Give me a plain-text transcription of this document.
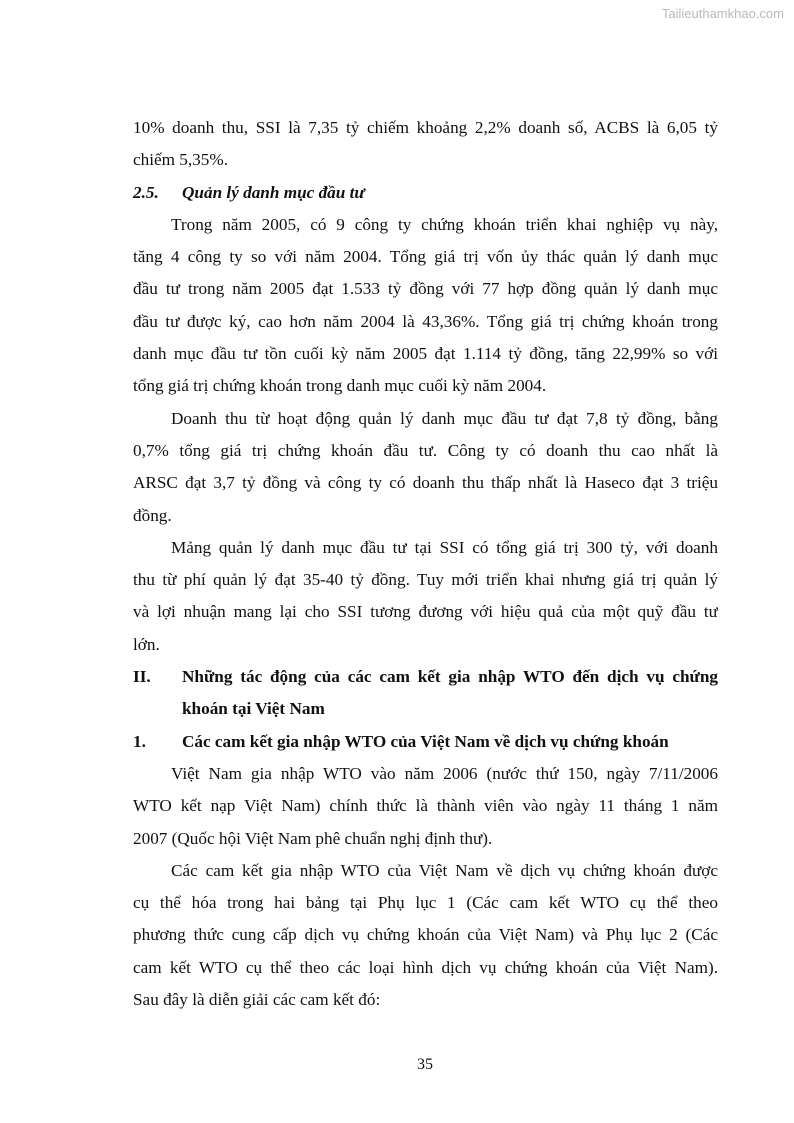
Tailieuthamkhao.com
10% doanh thu, SSI là 7,35 tỷ chiếm khoảng 2,2% doanh số, ACBS là 6,05 tỷ
chiếm 5,35%.
2.5.	Quản lý danh mục đầu tư
Trong năm 2005, có 9 công ty chứng khoán triển khai nghiệp vụ này,
tăng 4 công ty so với năm 2004. Tổng giá trị vốn ủy thác quản lý danh mục
đầu tư trong năm 2005 đạt 1.533 tỷ đồng với 77 hợp đồng quản lý danh mục
đầu tư được ký, cao hơn năm 2004 là 43,36%. Tổng giá trị chứng khoán trong
danh mục đầu tư tồn cuối kỳ năm 2005 đạt 1.114 tỷ đồng, tăng 22,99% so với
tổng giá trị chứng khoán trong danh mục cuối kỳ năm 2004.
Doanh thu từ hoạt động quản lý danh mục đầu tư đạt 7,8 tỷ đồng, bằng
0,7% tổng giá trị chứng khoán đầu tư. Công ty có doanh thu cao nhất là
ARSC đạt 3,7 tỷ đồng và công ty có doanh thu thấp nhất là Haseco đạt 3 triệu
đồng.
Mảng quản lý danh mục đầu tư tại SSI có tổng giá trị 300 tỷ, với doanh
thu từ phí quản lý đạt 35-40 tỷ đồng. Tuy mới triển khai nhưng giá trị quản lý
và lợi nhuận mang lại cho SSI tương đương với hiệu quả của một quỹ đầu tư
lớn.
II.	Những tác động của các cam kết gia nhập WTO đến dịch vụ chứng
khoán tại Việt Nam
1.	Các cam kết gia nhập WTO của Việt Nam về dịch vụ chứng khoán
Việt Nam gia nhập WTO vào năm 2006 (nước thứ 150, ngày 7/11/2006
WTO kết nạp Việt Nam) chính thức là thành viên vào ngày 11 tháng 1 năm
2007 (Quốc hội Việt Nam phê chuẩn nghị định thư).
Các cam kết gia nhập WTO của Việt Nam về dịch vụ chứng khoán được
cụ thể hóa trong hai bảng tại Phụ lục 1 (Các cam kết WTO cụ thể theo
phương thức cung cấp dịch vụ chứng khoán của Việt Nam) và Phụ lục 2 (Các
cam kết WTO cụ thể theo các loại hình dịch vụ chứng khoán của Việt Nam).
Sau đây là diễn giải các cam kết đó:
35
